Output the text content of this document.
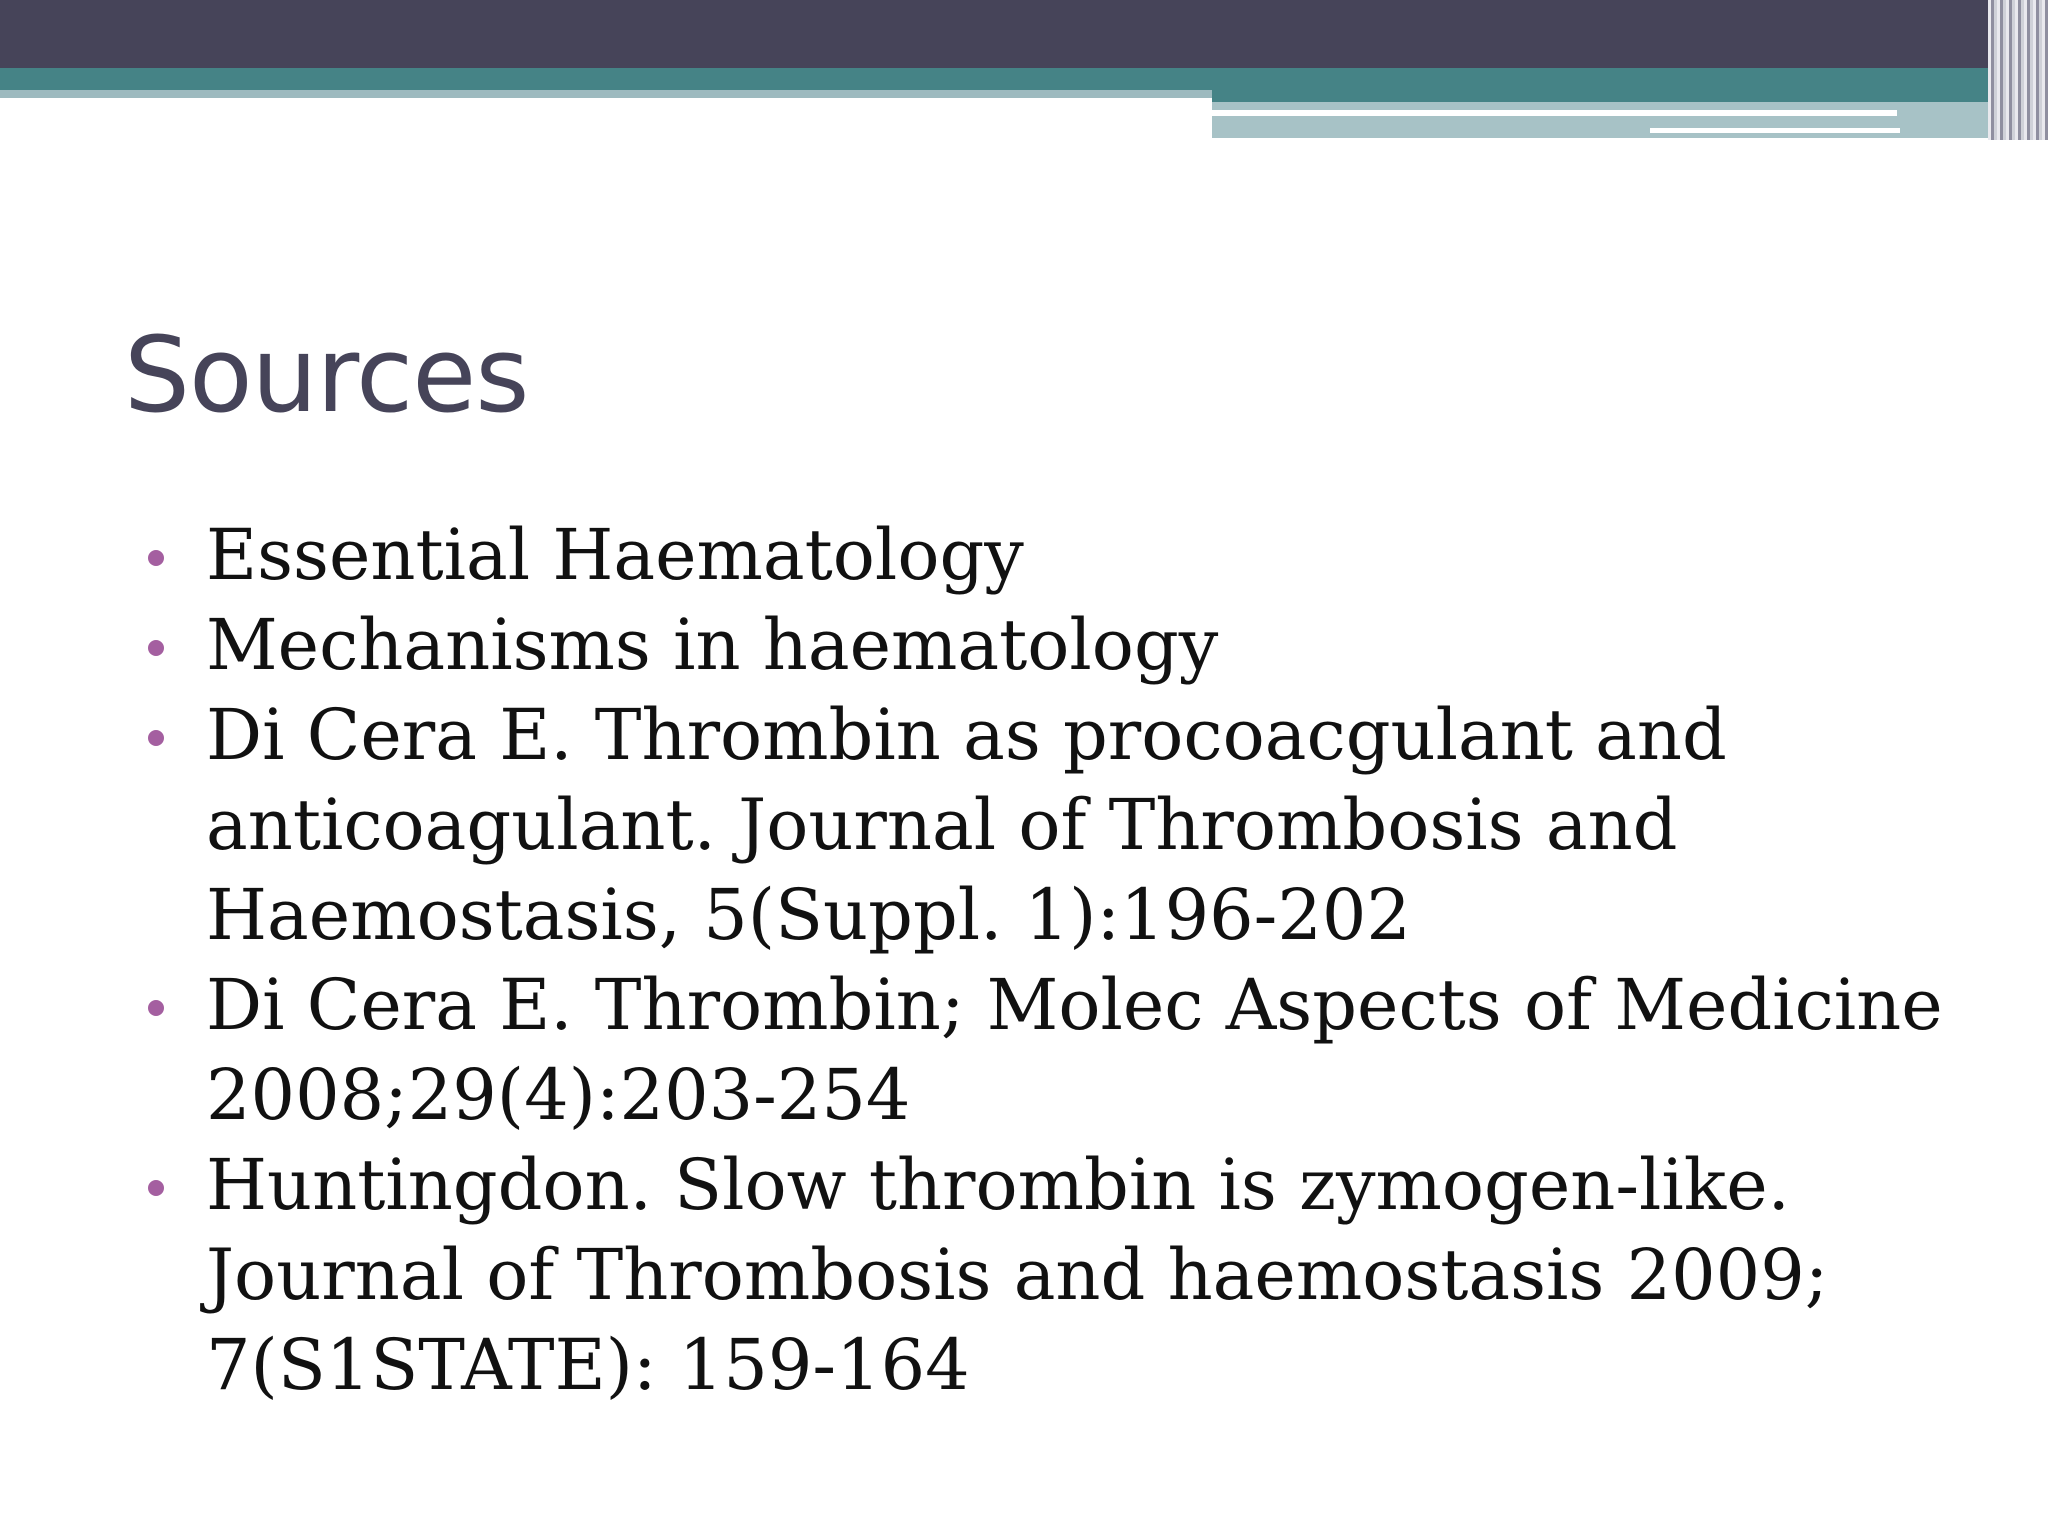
Sources
Essential Haematology
Mechanisms in haematology
Di Cera E. Thrombin as procoacgulant and
anticoagulant. Journal of Thrombosis and
Haemostasis, 5(Suppl. 1):196-202
Di Cera E. Thrombin; Molec Aspects of Medicine
2008;29(4):203-254
Huntingdon. Slow thrombin is zymogen-like.
Journal of Thrombosis and haemostasis 2009;
7(S1STATE): 159-164
